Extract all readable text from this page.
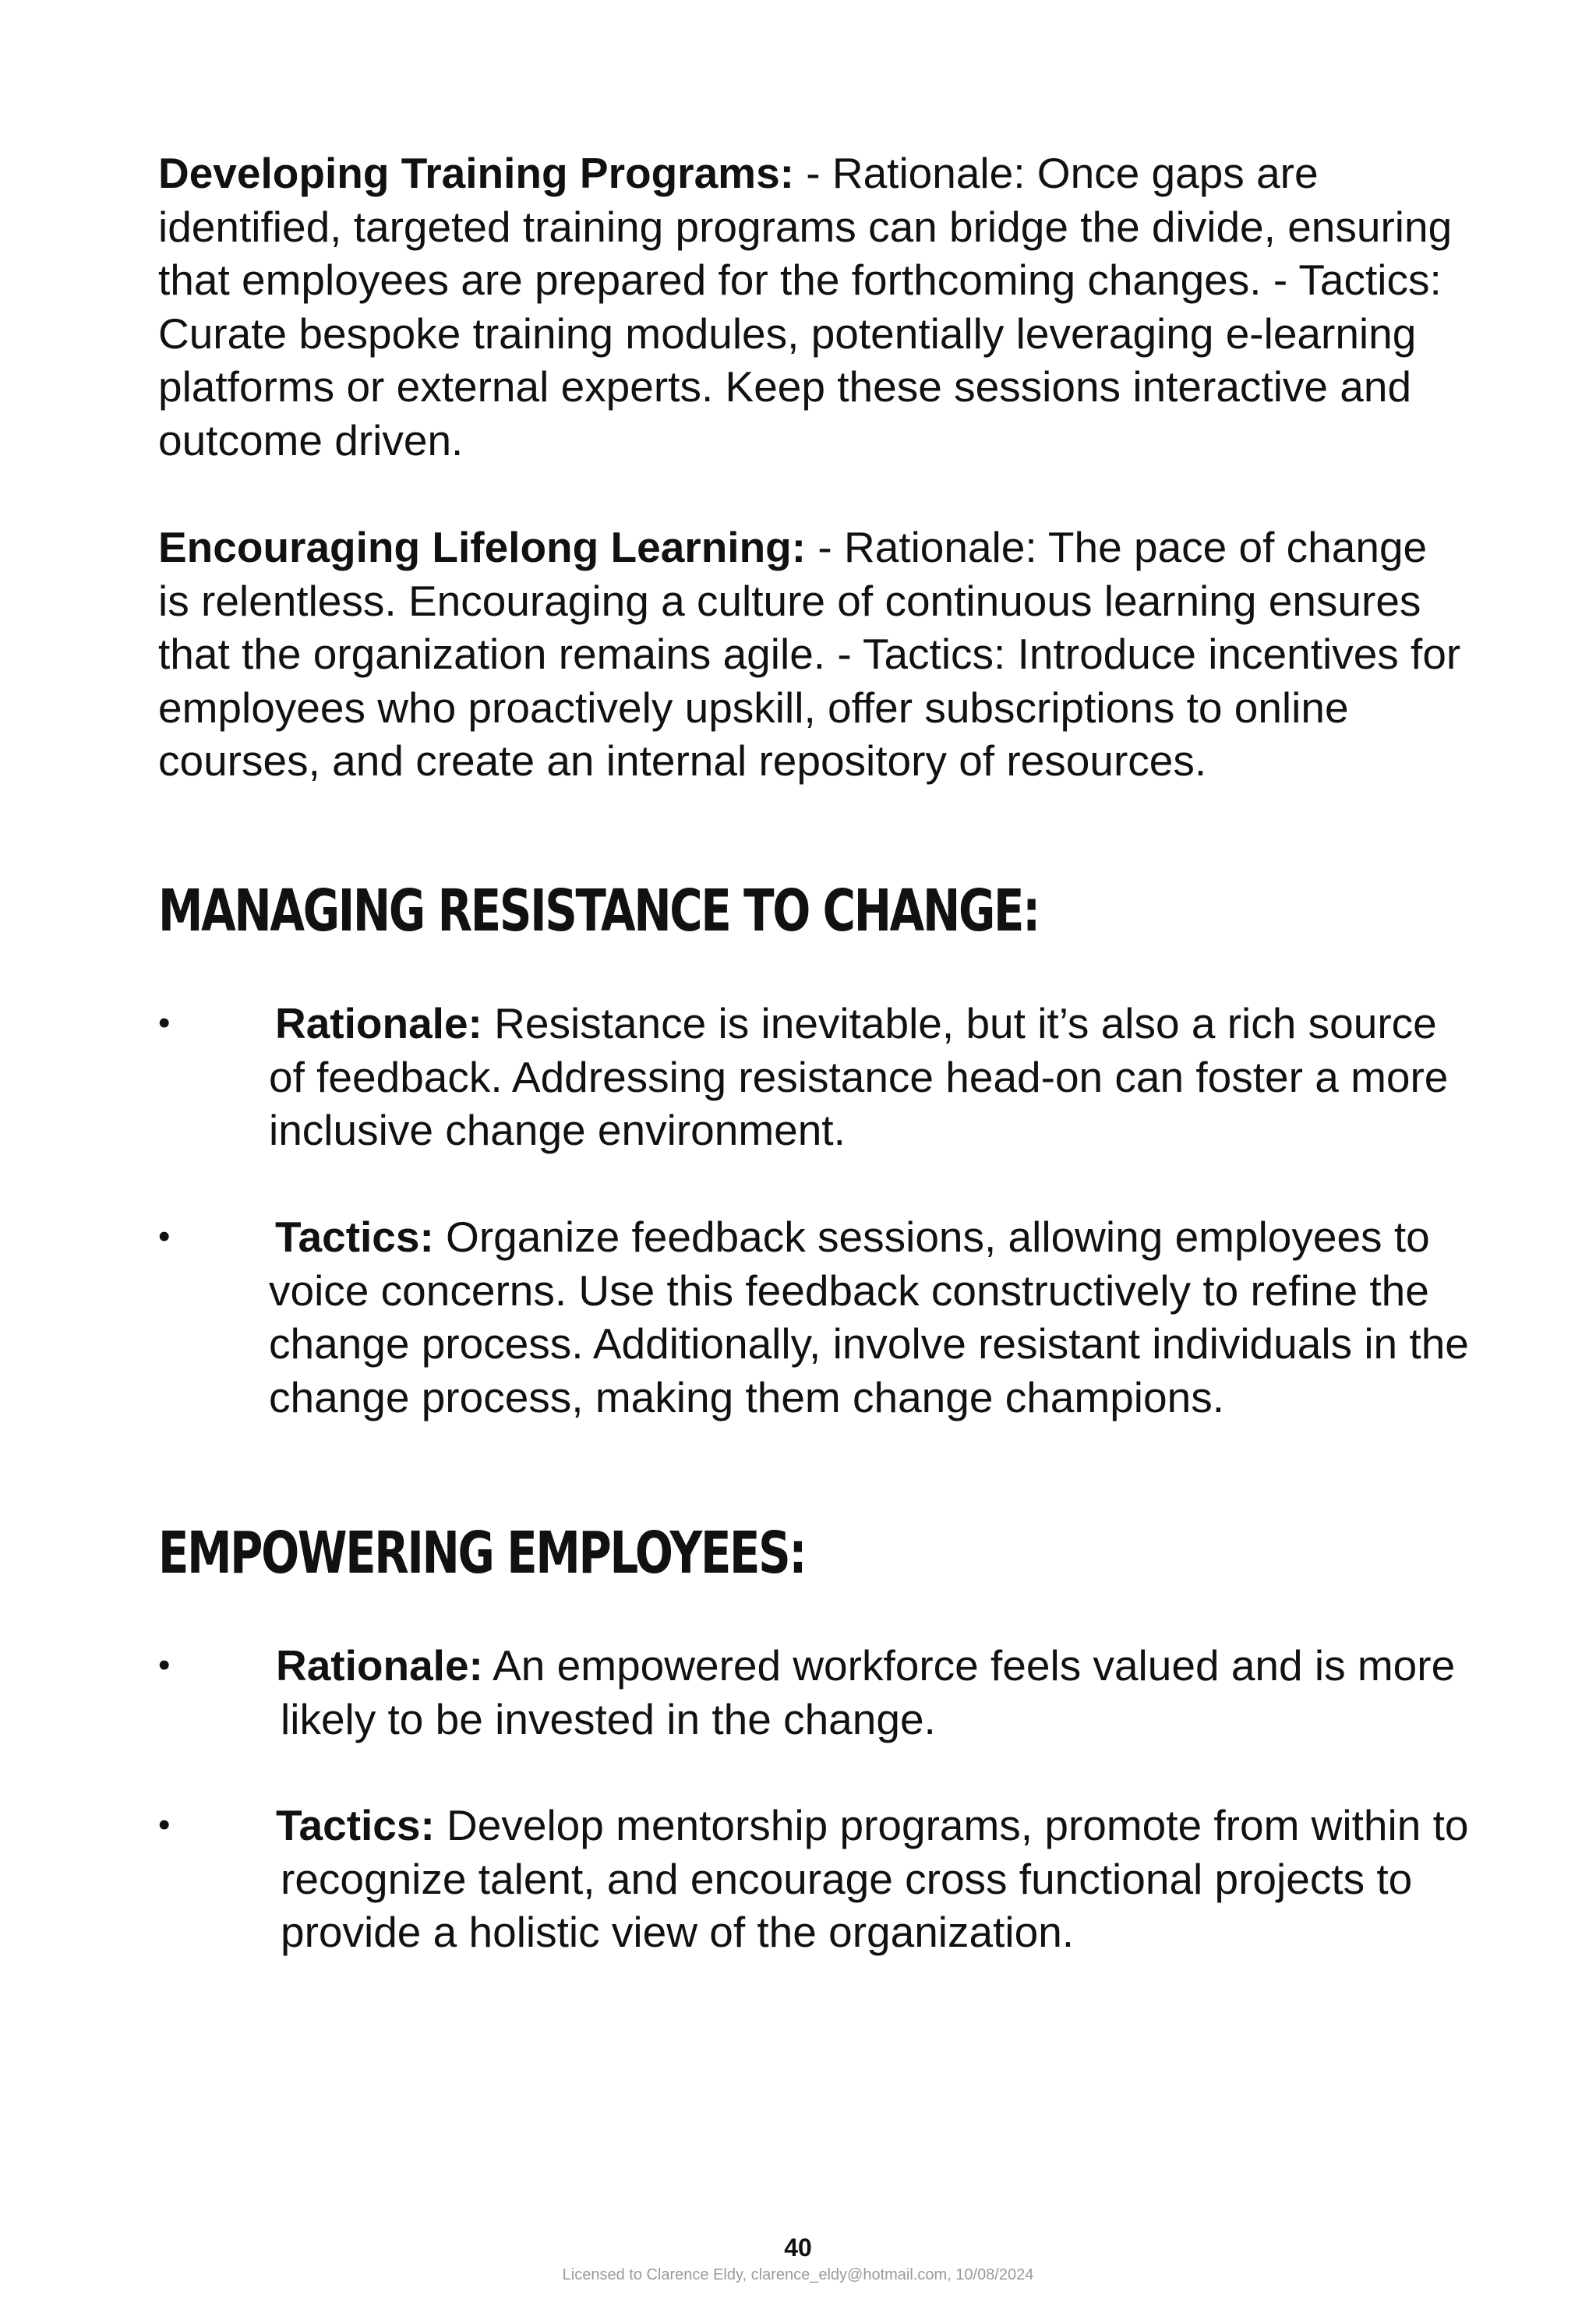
Developing Training Programs: - Rationale: Once gaps are identified, targeted training programs can bridge the divide, ensuring that employees are prepared for the forthcoming changes. - Tactics: Curate bespoke training modules, potentially leveraging e-learning platforms or external experts. Keep these sessions interactive and outcome driven.

Encouraging Lifelong Learning: - Rationale: The pace of change is relentless. Encouraging a culture of continuous learning ensures that the organization remains agile. - Tactics: Introduce incentives for employees who proactively upskill, offer subscriptions to online courses, and create an internal repository of resources.

MANAGING RESISTANCE TO CHANGE:
• Rationale: Resistance is inevitable, but it’s also a rich source of feedback. Addressing resistance head-on can foster a more inclusive change environment.

• Tactics: Organize feedback sessions, allowing employees to voice concerns. Use this feedback constructively to refine the change process. Additionally, involve resistant individuals in the change process, making them change champions.

EMPOWERING EMPLOYEES:
• Rationale: An empowered workforce feels valued and is more likely to be invested in the change.

• Tactics: Develop mentorship programs, promote from within to recognize talent, and encourage cross functional projects to provide a holistic view of the organization.

40
Licensed to Clarence Eldy, clarence_eldy@hotmail.com, 10/08/2024
